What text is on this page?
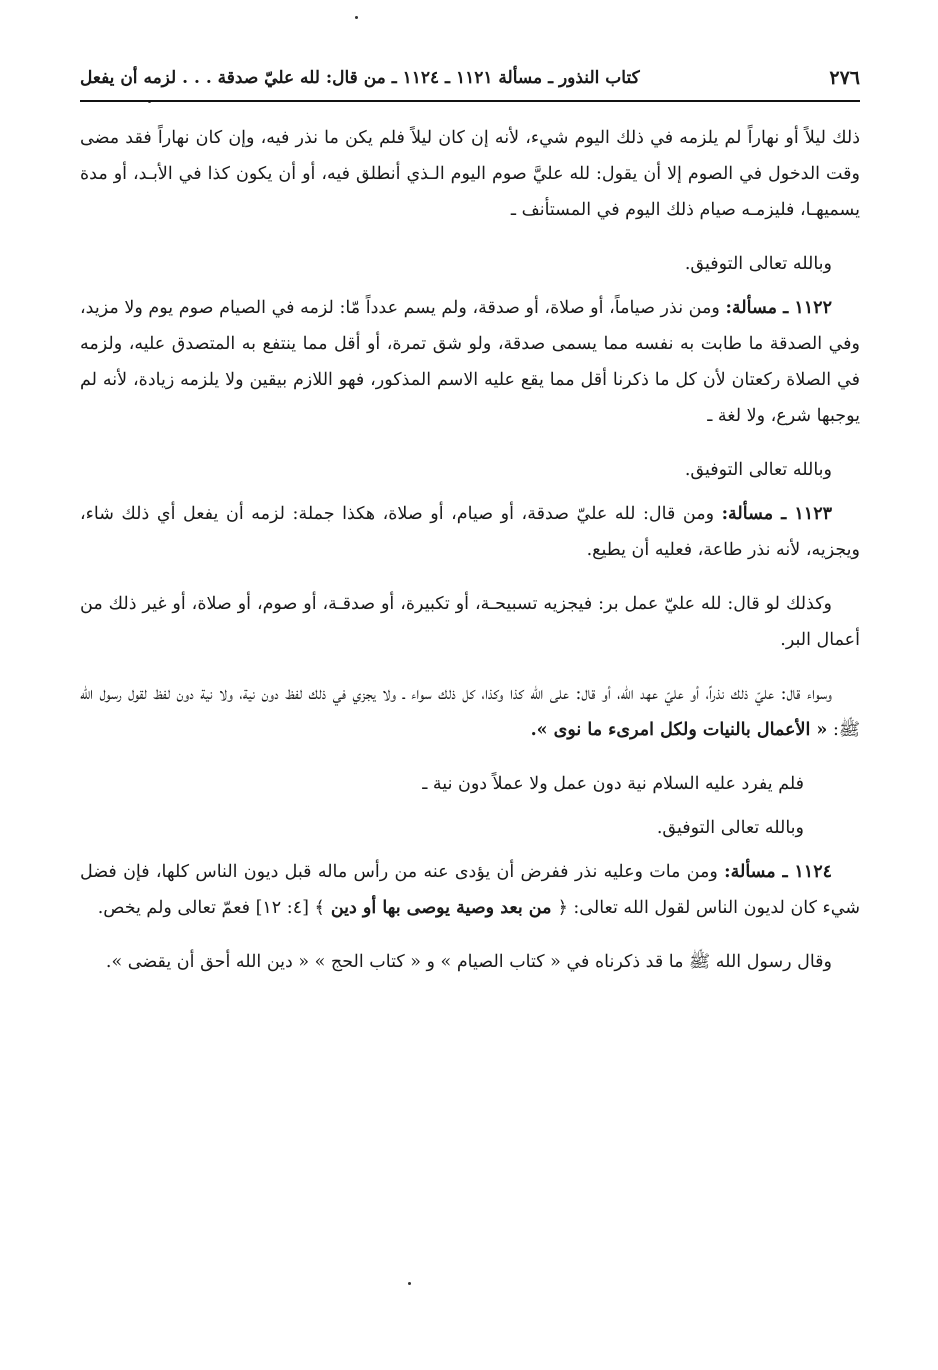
٢٧٦
كتاب النذور ـ مسألة ١١٢١ ـ ١١٢٤ ـ من قال: لله عليّ صدقة . . . لزمه أن يفعل

ذلك ليلاً أو نهاراً لم يلزمه في ذلك اليوم شيء، لأنه إن كان ليلاً فلم يكن ما نذر فيه، وإن كان نهاراً فقد مضى وقت الدخول في الصوم إلا أن يقول: لله عليَّ صوم اليوم الـذي أنطلق فيه، أو أن يكون كذا في الأبـد، أو مدة يسميهـا، فليزمـه صيام ذلك اليوم في المستأنف ـ

وبالله تعالى التوفيق.

١١٢٢ ـ مسألة: ومن نذر صياماً، أو صلاة، أو صدقة، ولم يسم عدداً مّا: لزمه في الصيام صوم يوم ولا مزيد، وفي الصدقة ما طابت به نفسه مما يسمى صدقة، ولو شق تمرة، أو أقل مما ينتفع به المتصدق عليه، ولزمه في الصلاة ركعتان لأن كل ما ذكرنا أقل مما يقع عليه الاسم المذكور، فهو اللازم بيقين ولا يلزمه زيادة، لأنه لم يوجبها شرع، ولا لغة ـ

وبالله تعالى التوفيق.

١١٢٣ ـ مسألة: ومن قال: لله عليّ صدقة، أو صيام، أو صلاة، هكذا جملة: لزمه أن يفعل أي ذلك شاء، ويجزيه، لأنه نذر طاعة، فعليه أن يطيع.

وكذلك لو قال: لله عليّ عمل بر: فيجزيه تسبيحـة، أو تكبيرة، أو صدقـة، أو صوم، أو صلاة، أو غير ذلك من أعمال البر.

وسواء قال: عليّ ذلك نذراً، أو عليّ عهد الله، أو قال: على الله كذا وكذا، كل ذلك سواء ـ ولا يجزي في ذلك لفظ دون نية، ولا نية دون لفظ لقول رسول الله ﷺ: « الأعمال بالنيات ولكل امرىء ما نوى ».

فلم يفرد عليه السلام نية دون عمل ولا عملاً دون نية ـ

وبالله تعالى التوفيق.

١١٢٤ ـ مسألة: ومن مات وعليه نذر ففرض أن يؤدى عنه من رأس ماله قبل ديون الناس كلها، فإن فضل شيء كان لديون الناس لقول الله تعالى: ﴿ من بعد وصية يوصى بها أو دين ﴾ [٤: ١٢] فعمّ تعالى ولم يخص.

وقال رسول الله ﷺ ما قد ذكرناه في « كتاب الصيام » و « كتاب الحج » « دين الله أحق أن يقضى ».
